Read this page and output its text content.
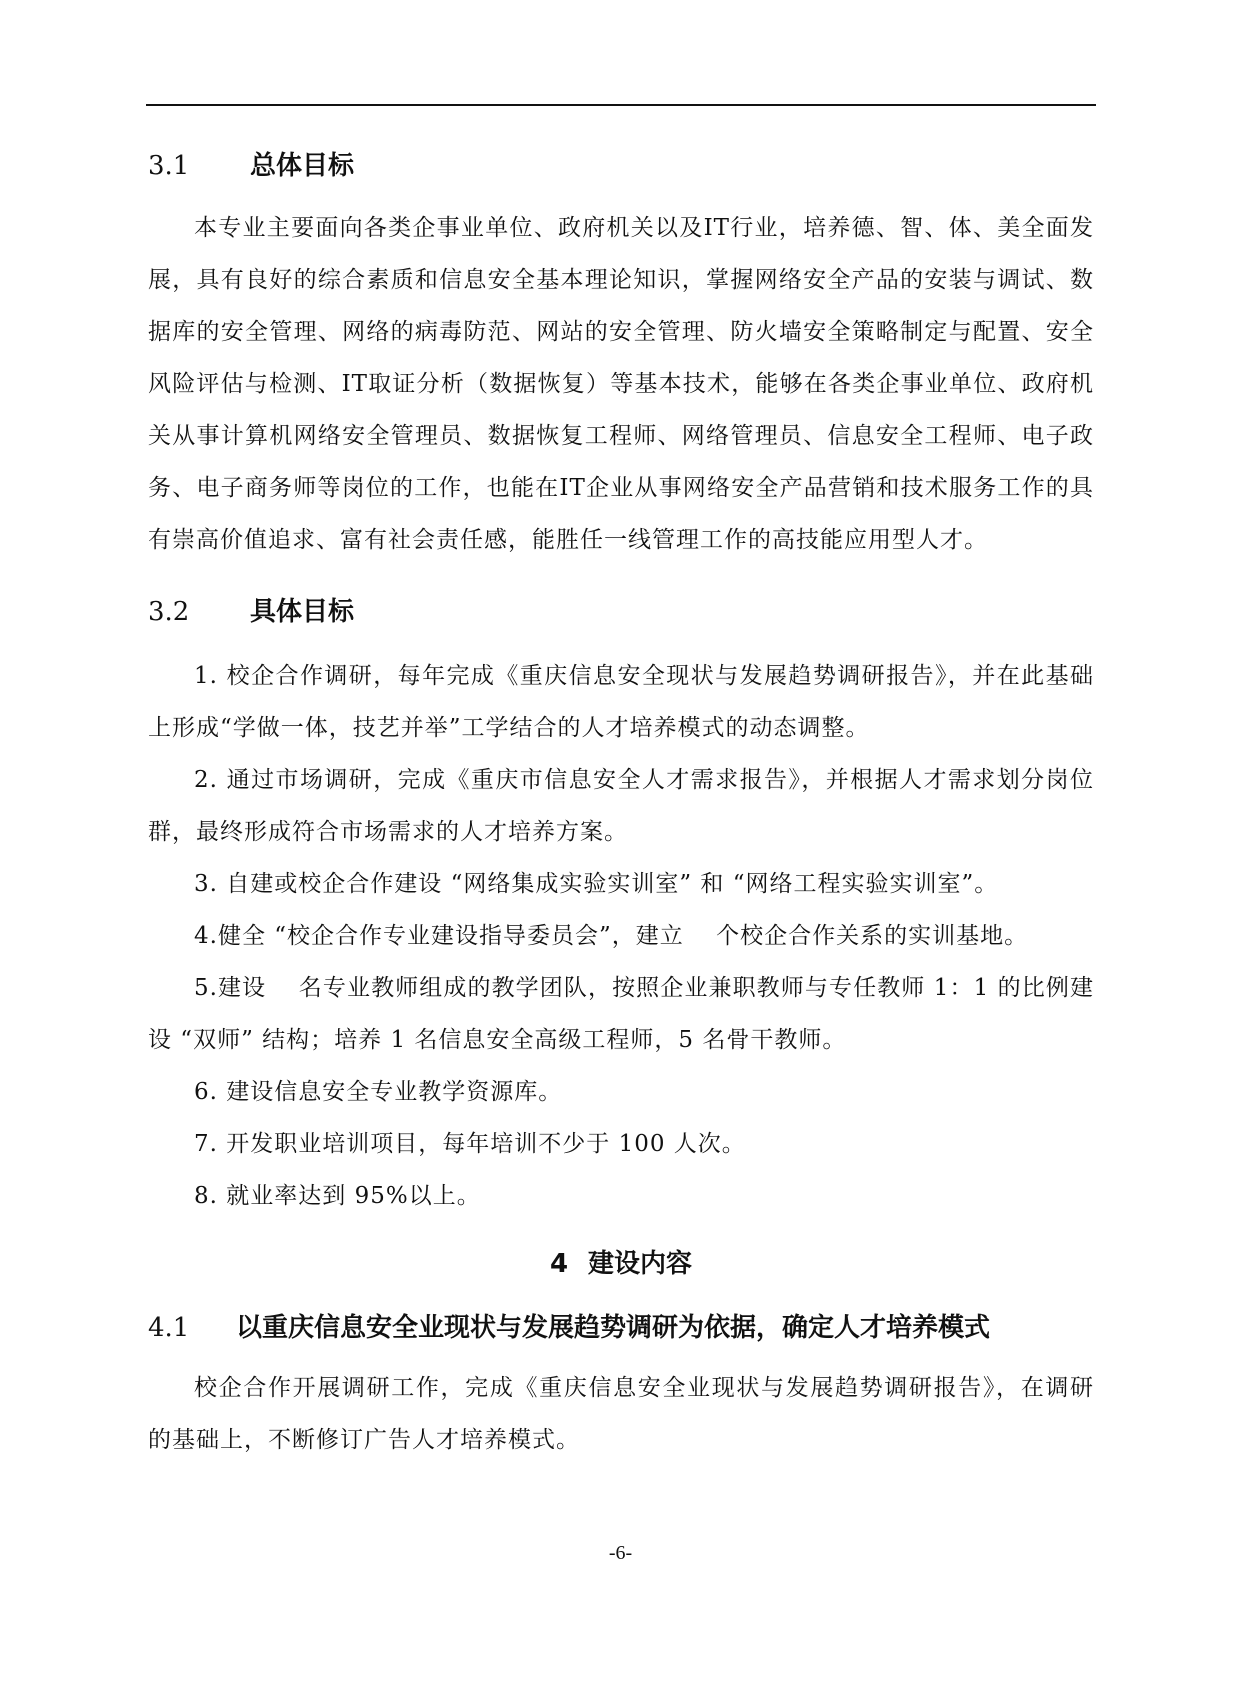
3.1 总体目标

本专业主要面向各类企事业单位、政府机关以及IT行业，培养德、智、体、美全面发展，具有良好的综合素质和信息安全基本理论知识，掌握网络安全产品的安装与调试、数据库的安全管理、网络的病毒防范、网站的安全管理、防火墙安全策略制定与配置、安全风险评估与检测、IT取证分析（数据恢复）等基本技术，能够在各类企事业单位、政府机关从事计算机网络安全管理员、数据恢复工程师、网络管理员、信息安全工程师、电子政务、电子商务师等岗位的工作，也能在IT企业从事网络安全产品营销和技术服务工作的具有崇高价值追求、富有社会责任感，能胜任一线管理工作的高技能应用型人才。

3.2 具体目标

1. 校企合作调研，每年完成《重庆信息安全现状与发展趋势调研报告》，并在此基础上形成“学做一体，技艺并举”工学结合的人才培养模式的动态调整。

2. 通过市场调研，完成《重庆市信息安全人才需求报告》，并根据人才需求划分岗位群，最终形成符合市场需求的人才培养方案。

3. 自建或校企合作建设 “网络集成实验实训室” 和 “网络工程实验实训室”。

4.健全 “校企合作专业建设指导委员会”，建立 　个校企合作关系的实训基地。

5.建设 　名专业教师组成的教学团队，按照企业兼职教师与专任教师 1：1 的比例建设 “双师” 结构；培养 1 名信息安全高级工程师，5 名骨干教师。

6. 建设信息安全专业教学资源库。

7. 开发职业培训项目，每年培训不少于 100 人次。

8. 就业率达到 95%以上。

4 建设内容
4.1 以重庆信息安全业现状与发展趋势调研为依据，确定人才培养模式

校企合作开展调研工作，完成《重庆信息安全业现状与发展趋势调研报告》，在调研的基础上，不断修订广告人才培养模式。

-6-
